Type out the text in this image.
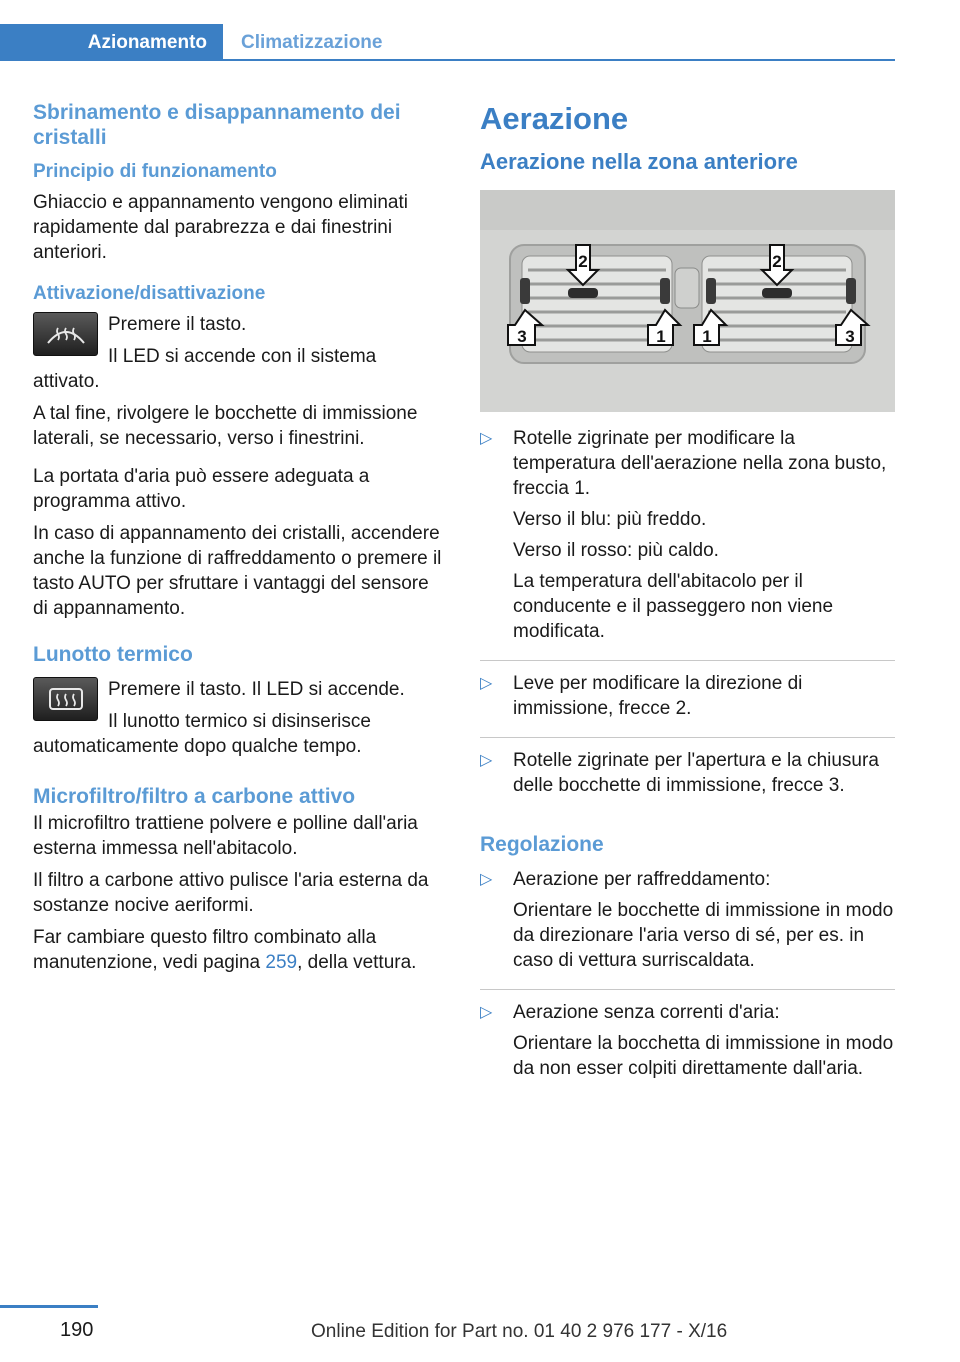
Azionamento	Climatizzazione
Sbrinamento e disappannamento dei cristalli
Principio di funzionamento

Ghiaccio e appannamento vengono eliminati rapidamente dal parabrezza e dai finestrini anteriori.

Attivazione/disattivazione

Premere il tasto.

Il LED si accende con il sistema attivato.

A tal fine, rivolgere le bocchette di immissione laterali, se necessario, verso i finestrini.

La portata d'aria può essere adeguata a programma attivo.

In caso di appannamento dei cristalli, accendere anche la funzione di raffreddamento o premere il tasto AUTO per sfruttare i vantaggi del sensore di appannamento.

Lunotto termico

Premere il tasto. Il LED si accende.

Il lunotto termico si disinserisce automaticamente dopo qualche tempo.

Microfiltro/filtro a carbone attivo

Il microfiltro trattiene polvere e polline dall'aria esterna immessa nell'abitacolo.

Il filtro a carbone attivo pulisce l'aria esterna da sostanze nocive aeriformi.

Far cambiare questo filtro combinato alla manutenzione, vedi pagina 259, della vettura.

Aerazione
Aerazione nella zona anteriore
2	2
3	1 1	3
▷ Rotelle zigrinate per modificare la temperatura dell'aerazione nella zona busto, freccia 1.

Verso il blu: più freddo.

Verso il rosso: più caldo.

La temperatura dell'abitacolo per il conducente e il passeggero non viene modificata.

▷ Leve per modificare la direzione di immissione, frecce 2.

▷ Rotelle zigrinate per l'apertura e la chiusura delle bocchette di immissione, frecce 3.

Regolazione
▷ Aerazione per raffreddamento:

Orientare le bocchette di immissione in modo da direzionare l'aria verso di sé, per es. in caso di vettura surriscaldata.

▷ Aerazione senza correnti d'aria:

Orientare la bocchetta di immissione in modo da non esser colpiti direttamente dall'aria.

190	Online Edition for Part no. 01 40 2 976 177 - X/16
